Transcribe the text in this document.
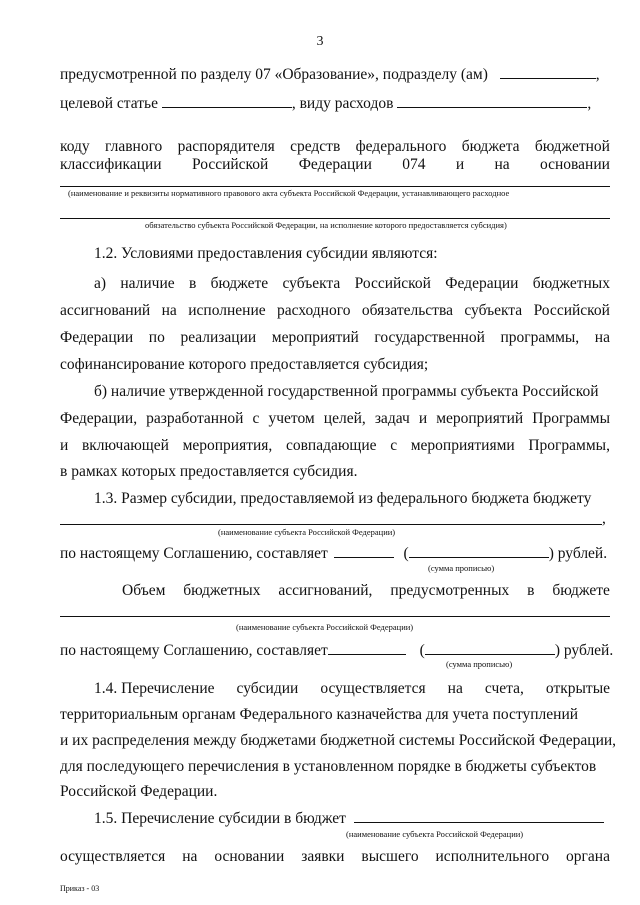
3
предусмотренной по разделу 07 «Образование», подразделу (ам)	,
целевой статье	, виду расходов	,
коду главного распорядителя средств федерального бюджета бюджетной
классификации Российской Федерации 074 и на основании
(наименование и реквизиты нормативного правового акта субъекта Российской Федерации, устанавливающего расходное
обязательство субъекта Российской Федерации, на исполнение которого предоставляется субсидия)
1.2. Условиями предоставления субсидии являются:
а) наличие в бюджете субъекта Российской Федерации бюджетных
ассигнований на исполнение расходного обязательства субъекта Российской
Федерации по реализации мероприятий государственной программы, на
софинансирование которого предоставляется субсидия;
б) наличие утвержденной государственной программы субъекта Российской
Федерации, разработанной с учетом целей, задач и мероприятий Программы
и включающей мероприятия, совпадающие с мероприятиями Программы,
в рамках которых предоставляется субсидия.
1.3. Размер субсидии, предоставляемой из федерального бюджета бюджету
,
(наименование субъекта Российской Федерации)
по настоящему Соглашению, составляет	(	) рублей.
(сумма прописью)
Объем бюджетных ассигнований, предусмотренных в бюджете
(наименование субъекта Российской Федерации)
по настоящему Соглашению, составляет	(	) рублей.
(сумма прописью)
1.4. Перечисление субсидии осуществляется на счета, открытые
территориальным органам Федерального казначейства для учета поступлений
и их распределения между бюджетами бюджетной системы Российской Федерации,
для последующего перечисления в установленном порядке в бюджеты субъектов
Российской Федерации.
1.5. Перечисление субсидии в бюджет
(наименование субъекта Российской Федерации)
осуществляется на основании заявки высшего исполнительного органа
Приказ - 03
